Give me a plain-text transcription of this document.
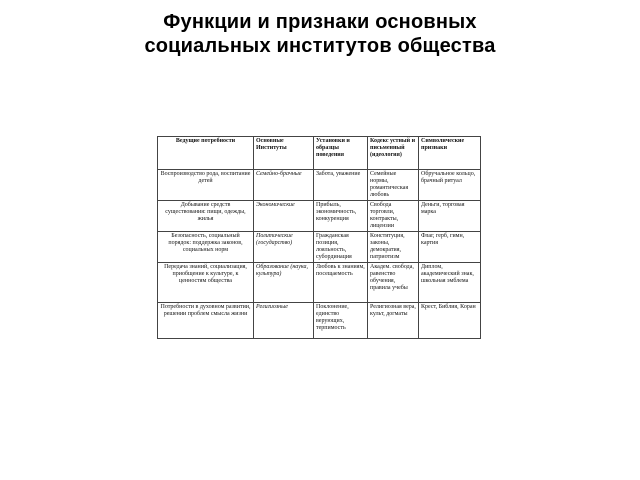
Функции и признаки основных
социальных институтов общества
Ведущие потребности	Основные Институты	Установки и образцы поведения	Кодекс устный и письменный (идеология)	Символические признаки
Воспроизводство рода, воспитание детей	Семейно-брачные	Забота, уважение	Семейные нормы, романтическая любовь	Обручальное кольцо, брачный ритуал
Добывание средств существования: пищи, одежды, жилья	Экономические	Прибыль, экономичность, конкуренция	Свобода торговли, контракты, лицензии	Деньги, торговая марка
Безопасность, социальный порядок: поддержка законов, социальных норм	Политические (государство)	Гражданская позиция, лояльность, субординация	Конституция, законы, демократия, патриотизм	Флаг, герб, гимн, картия
Передача знаний, социализация, приобщение к культуре, к ценностям общества	Образование (наука, культура)	Любовь к знаниям, посещаемость	Академ. свобода, равенство обучения, правила учебы	Диплом, академический знак, школьная эмблема
Потребности в духовном развитии, решении проблем смысла жизни	Религиозные	Поклонение, единство верующих, терпимость	Религиозная вера, культ, догматы	Крест, Библия, Коран
